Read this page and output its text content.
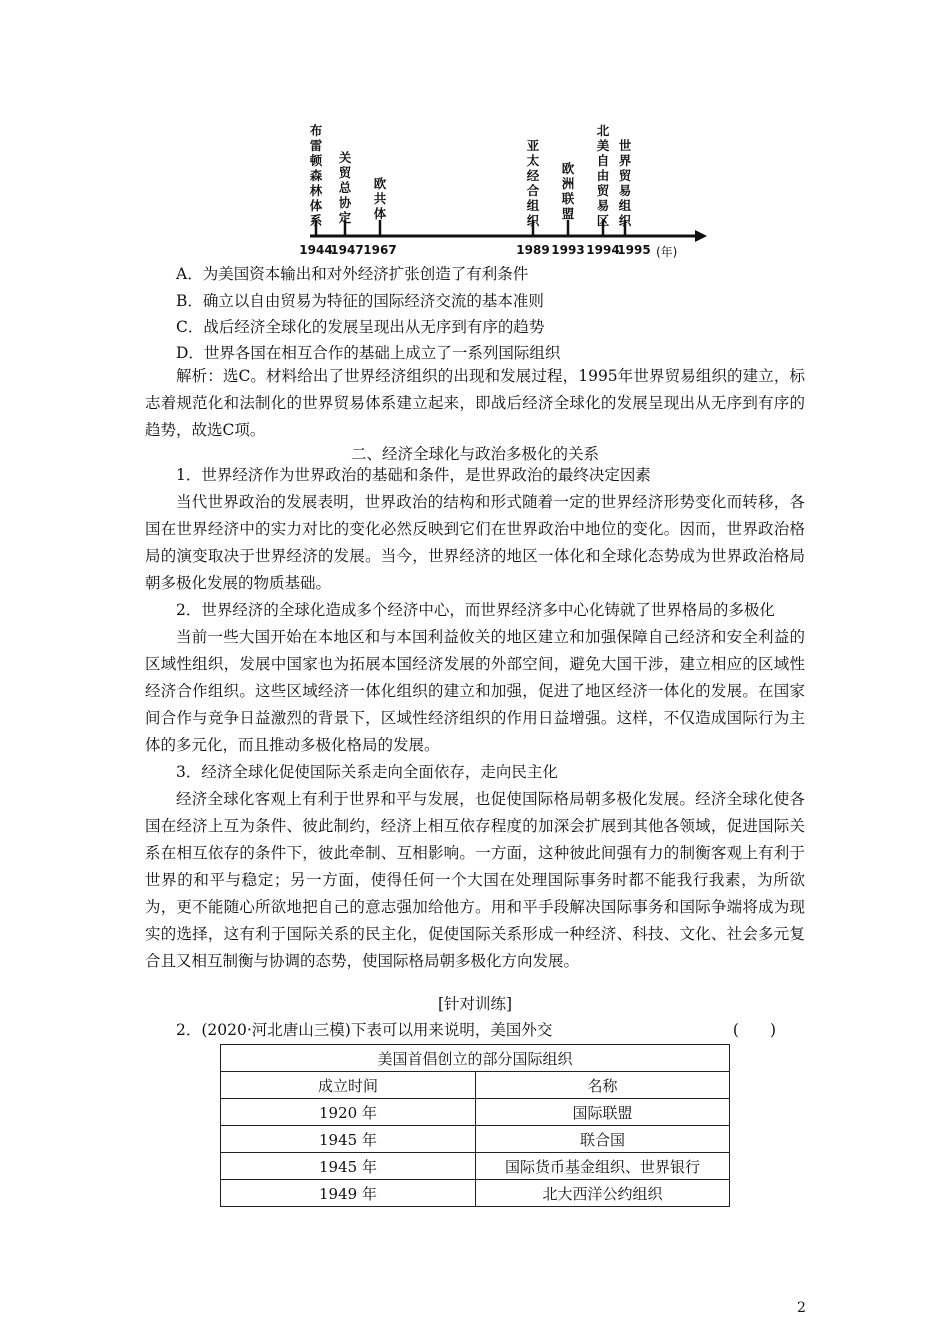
布雷顿森林体系
关贸总协定
欧共体
亚太经合组织
欧洲联盟
北美自由贸易区
世界贸易组织
1944
1947 1967	1989 1993 1994
1995 (年)
A．为美国资本输出和对外经济扩张创造了有利条件
B．确立以自由贸易为特征的国际经济交流的基本准则
C．战后经济全球化的发展呈现出从无序到有序的趋势
D．世界各国在相互合作的基础上成立了一系列国际组织

解析：选C。材料给出了世界经济组织的出现和发展过程，1995年世界贸易组织的建立，标志着规范化和法制化的世界贸易体系建立起来，即战后经济全球化的发展呈现出从无序到有序的趋势，故选C项。

二、经济全球化与政治多极化的关系

1．世界经济作为世界政治的基础和条件，是世界政治的最终决定因素

当代世界政治的发展表明，世界政治的结构和形式随着一定的世界经济形势变化而转移，各国在世界经济中的实力对比的变化必然反映到它们在世界政治中地位的变化。因而，世界政治格局的演变取决于世界经济的发展。当今，世界经济的地区一体化和全球化态势成为世界政治格局朝多极化发展的物质基础。

2．世界经济的全球化造成多个经济中心，而世界经济多中心化铸就了世界格局的多极化

当前一些大国开始在本地区和与本国利益攸关的地区建立和加强保障自己经济和安全利益的区域性组织，发展中国家也为拓展本国经济发展的外部空间，避免大国干涉，建立相应的区域性经济合作组织。这些区域经济一体化组织的建立和加强，促进了地区经济一体化的发展。在国家间合作与竞争日益激烈的背景下，区域性经济组织的作用日益增强。这样，不仅造成国际行为主体的多元化，而且推动多极化格局的发展。

3．经济全球化促使国际关系走向全面依存，走向民主化

经济全球化客观上有利于世界和平与发展，也促使国际格局朝多极化发展。经济全球化使各国在经济上互为条件、彼此制约，经济上相互依存程度的加深会扩展到其他各领域，促进国际关系在相互依存的条件下，彼此牵制、互相影响。一方面，这种彼此间强有力的制衡客观上有利于世界的和平与稳定；另一方面，使得任何一个大国在处理国际事务时都不能我行我素，为所欲为，更不能随心所欲地把自己的意志强加给他方。用和平手段解决国际事务和国际争端将成为现实的选择，这有利于国际关系的民主化，促使国际关系形成一种经济、科技、文化、社会多元复合且又相互制衡与协调的态势，使国际格局朝多极化方向发展。

[针对训练]
2．(2020·河北唐山三模)下表可以用来说明，美国外交	(　　)
美国首倡创立的部分国际组织	
成立时间	名称
1920 年	国际联盟
1945 年	联合国
1945 年	国际货币基金组织、世界银行
1949 年	北大西洋公约组织
2
